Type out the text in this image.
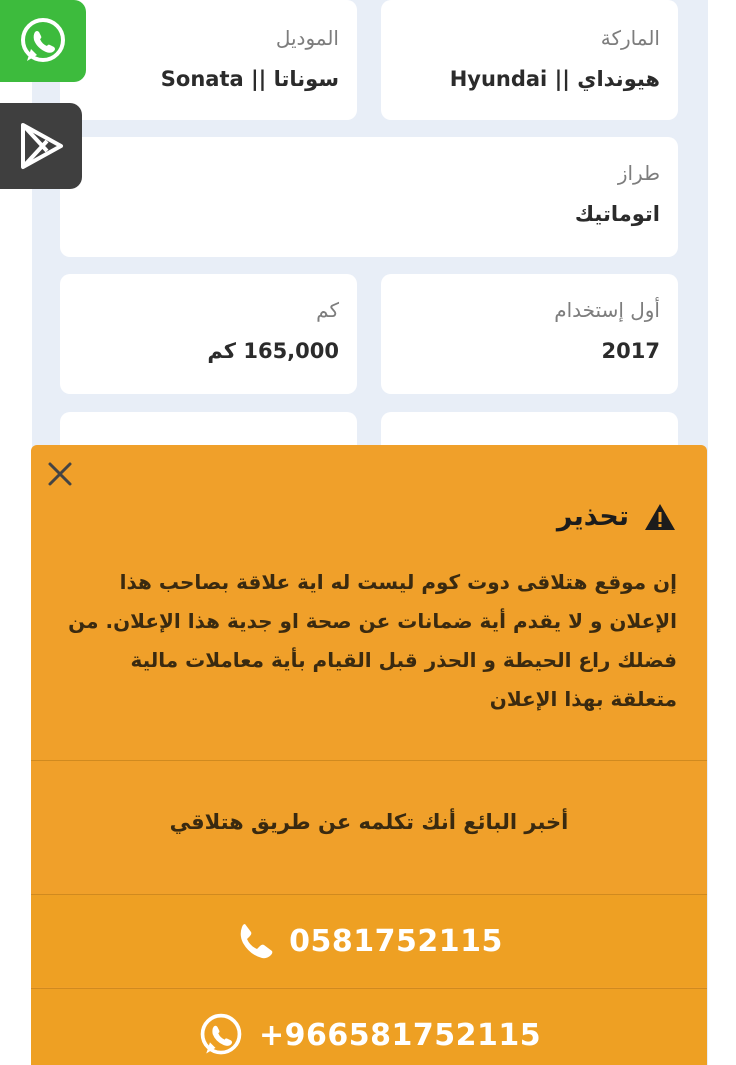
الماركة
هيونداي || Hyundai
الموديل
سوناتا || Sonata
طراز
اتوماتيك
أول إستخدام
2017
كم
165,000 كم
تحذير
إن موقع هتلاقى دوت كوم ليست له اية علاقة بصاحب هذا الإعلان و لا يقدم أية ضمانات عن صحة او جدية هذا الإعلان. من فضلك راع الحيطة و الحذر قبل القيام بأية معاملات مالية متعلقة بهذا الإعلان
أخبر البائع أنك تكلمه عن طريق هتلاقي
0581752115
+966581752115
